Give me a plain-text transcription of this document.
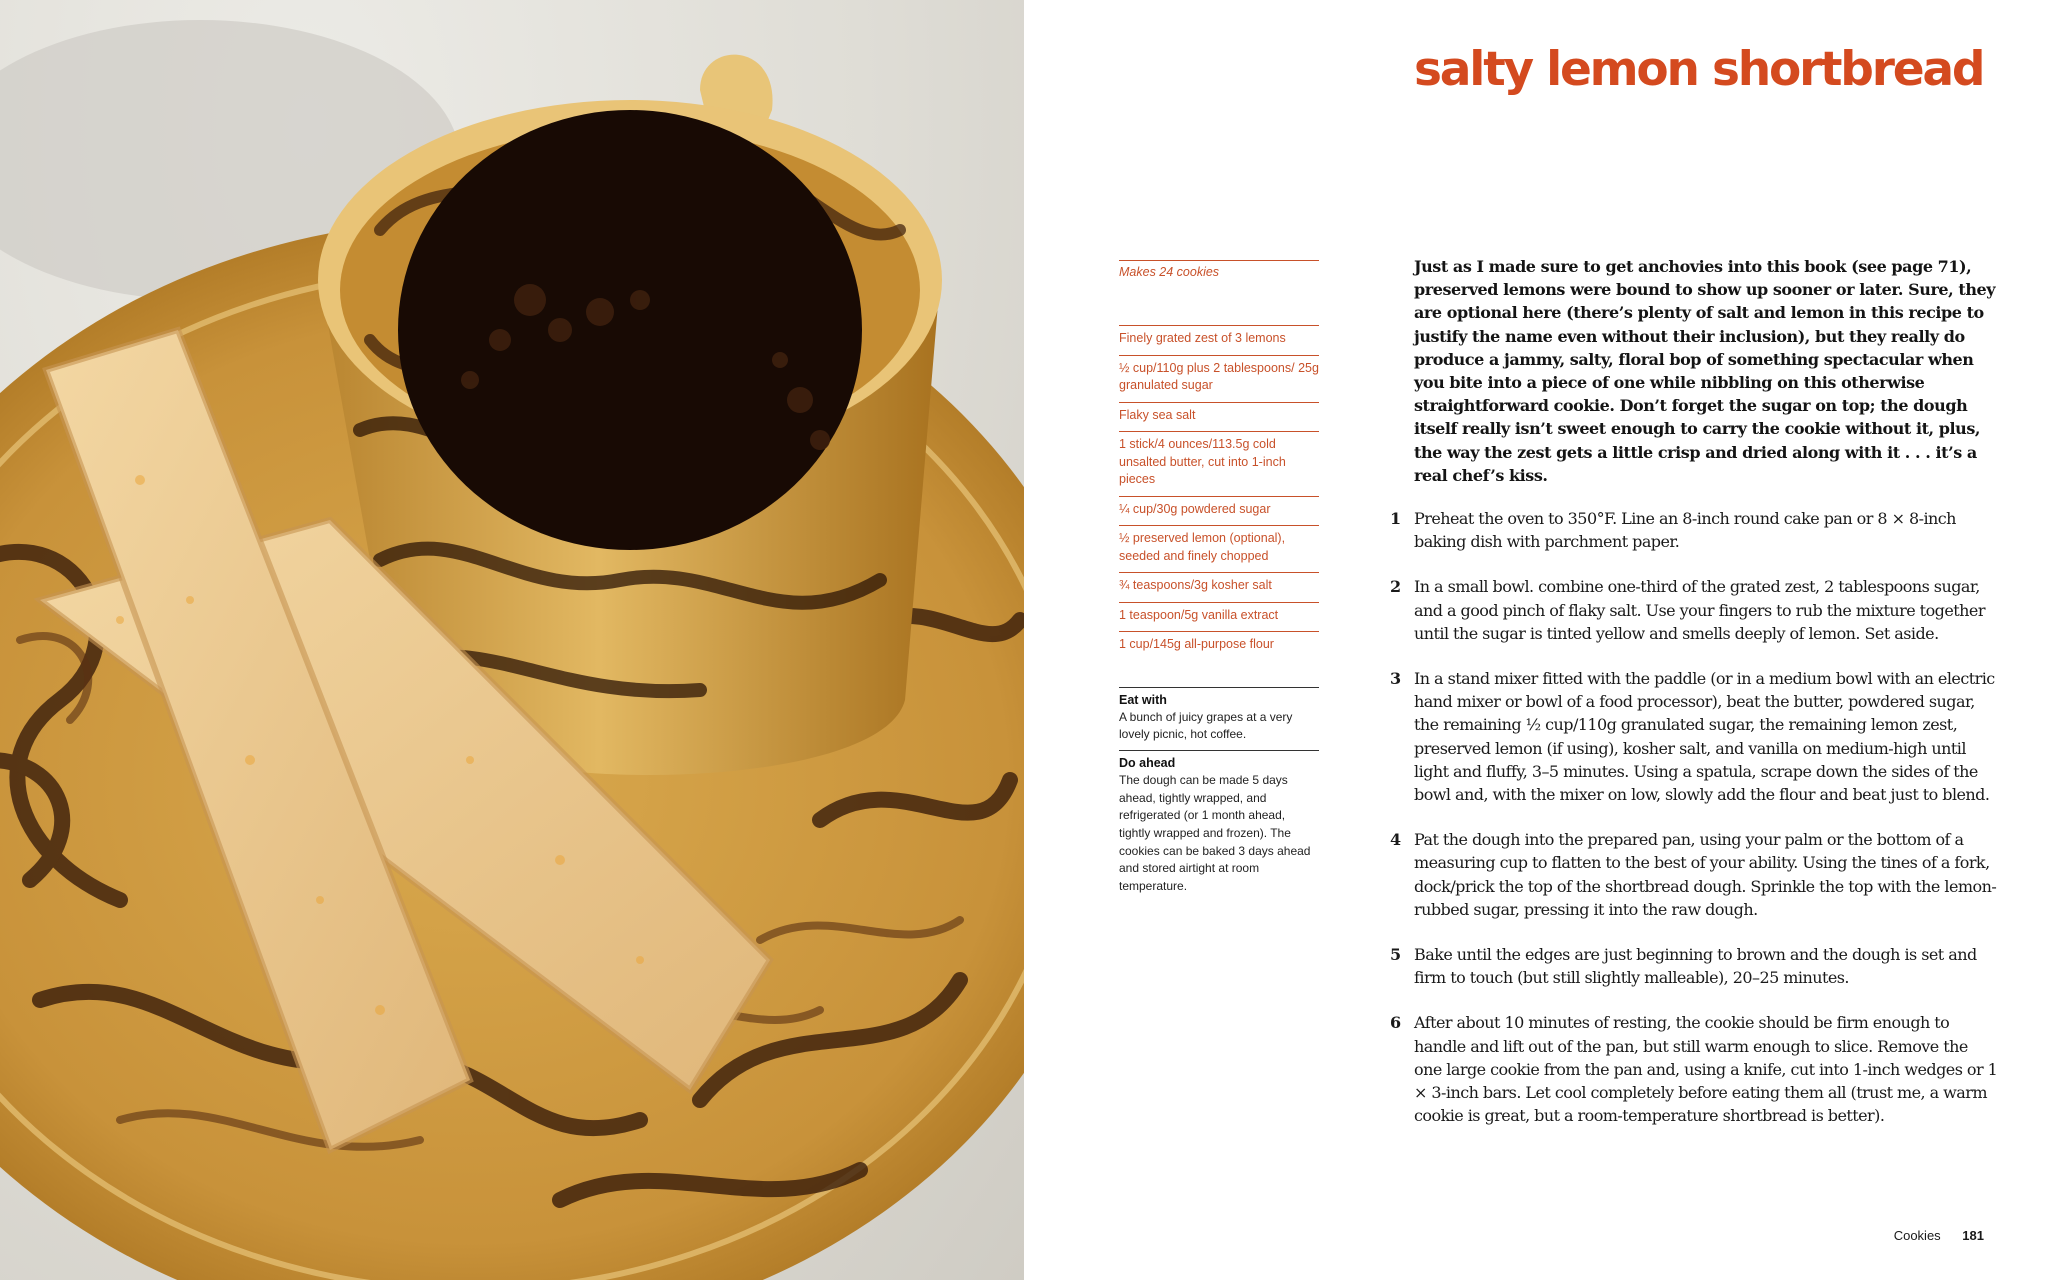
salty lemon shortbread
Makes 24 cookies
Finely grated zest of 3 lemons
½ cup/110g plus 2 tablespoons/ 25g granulated sugar
Flaky sea salt
1 stick/4 ounces/113.5g cold unsalted butter, cut into 1-inch pieces
¼ cup/30g powdered sugar
½ preserved lemon (optional), seeded and finely chopped
¾ teaspoons/3g kosher salt
1 teaspoon/5g vanilla extract
1 cup/145g all-purpose flour
Eat with
A bunch of juicy grapes at a very lovely picnic, hot coffee.
Do ahead
The dough can be made 5 days ahead, tightly wrapped, and refrigerated (or 1 month ahead, tightly wrapped and frozen). The cookies can be baked 3 days ahead and stored airtight at room temperature.

Just as I made sure to get anchovies into this book (see page 71), preserved lemons were bound to show up sooner or later. Sure, they are optional here (there’s plenty of salt and lemon in this recipe to justify the name even without their inclusion), but they really do produce a jammy, salty, floral bop of something spectacular when you bite into a piece of one while nibbling on this otherwise straightforward cookie. Don’t forget the sugar on top; the dough itself really isn’t sweet enough to carry the cookie without it, plus, the way the zest gets a little crisp and dried along with it . . . it’s a real chef’s kiss.

1 Preheat the oven to 350°F. Line an 8-inch round cake pan or 8 × 8-inch baking dish with parchment paper.
2 In a small bowl. combine one-third of the grated zest, 2 tablespoons sugar, and a good pinch of flaky salt. Use your fingers to rub the mixture together until the sugar is tinted yellow and smells deeply of lemon. Set aside.
3 In a stand mixer fitted with the paddle (or in a medium bowl with an electric hand mixer or bowl of a food processor), beat the butter, powdered sugar, the remaining ½ cup/110g granulated sugar, the remaining lemon zest, preserved lemon (if using), kosher salt, and vanilla on medium-high until light and fluffy, 3–5 minutes. Using a spatula, scrape down the sides of the bowl and, with the mixer on low, slowly add the flour and beat just to blend.
4 Pat the dough into the prepared pan, using your palm or the bottom of a measuring cup to flatten to the best of your ability. Using the tines of a fork, dock/prick the top of the shortbread dough. Sprinkle the top with the lemon-rubbed sugar, pressing it into the raw dough.
5 Bake until the edges are just beginning to brown and the dough is set and firm to touch (but still slightly malleable), 20–25 minutes.
6 After about 10 minutes of resting, the cookie should be firm enough to handle and lift out of the pan, but still warm enough to slice. Remove the one large cookie from the pan and, using a knife, cut into 1-inch wedges or 1 × 3-inch bars. Let cool completely before eating them all (trust me, a warm cookie is great, but a room-temperature shortbread is better).
Cookies 181
